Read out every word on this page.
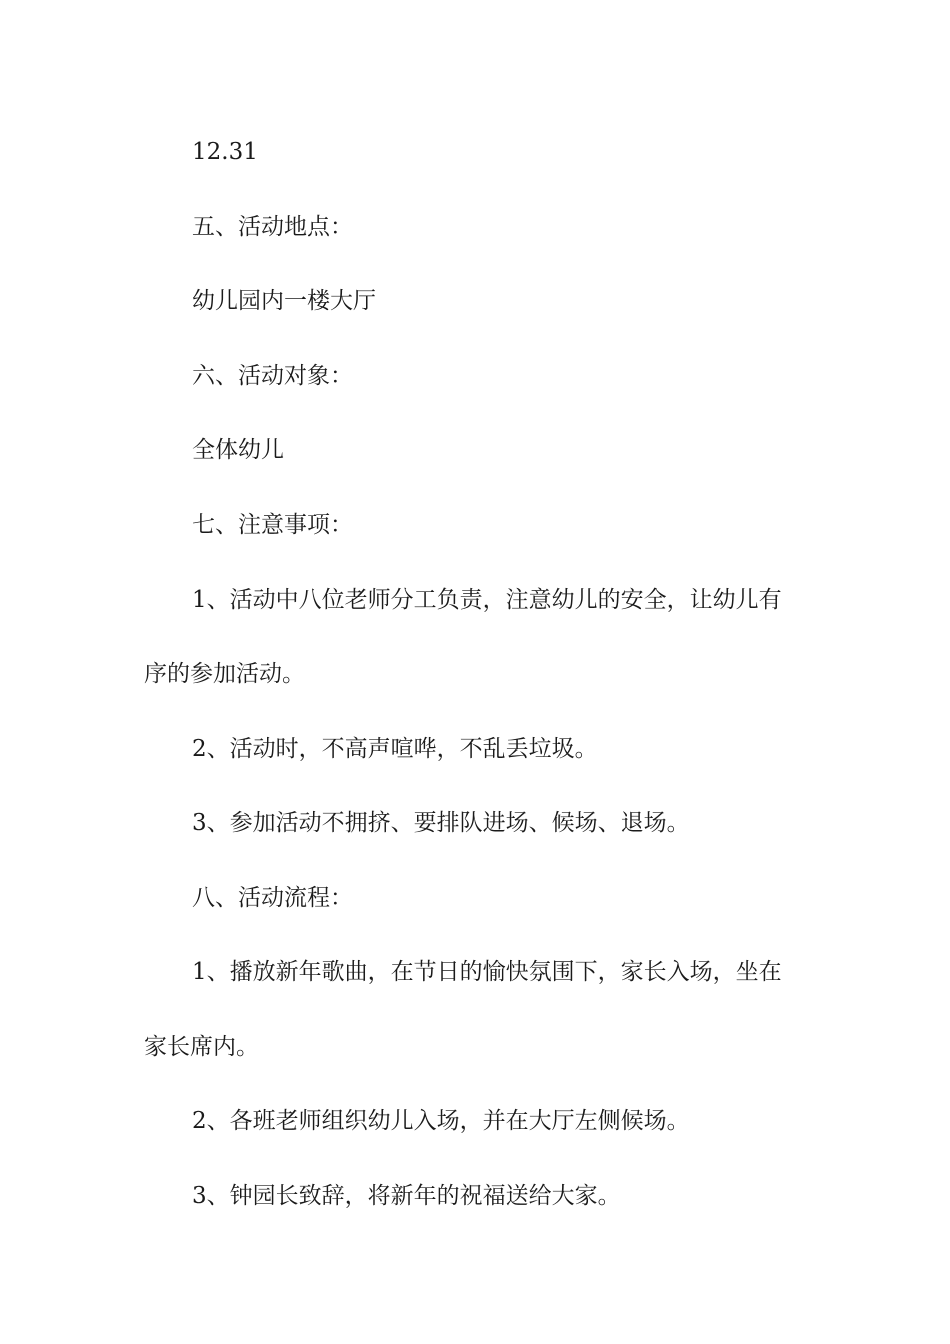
12.31

五、活动地点：

幼儿园内一楼大厅

六、活动对象：

全体幼儿

七、注意事项：

1、活动中八位老师分工负责，注意幼儿的安全，让幼儿有

序的参加活动。

2、活动时，不高声喧哗，不乱丢垃圾。

3、参加活动不拥挤、要排队进场、候场、退场。

八、活动流程：

1、播放新年歌曲，在节日的愉快氛围下，家长入场，坐在

家长席内。

2、各班老师组织幼儿入场，并在大厅左侧候场。

3、钟园长致辞，将新年的祝福送给大家。
